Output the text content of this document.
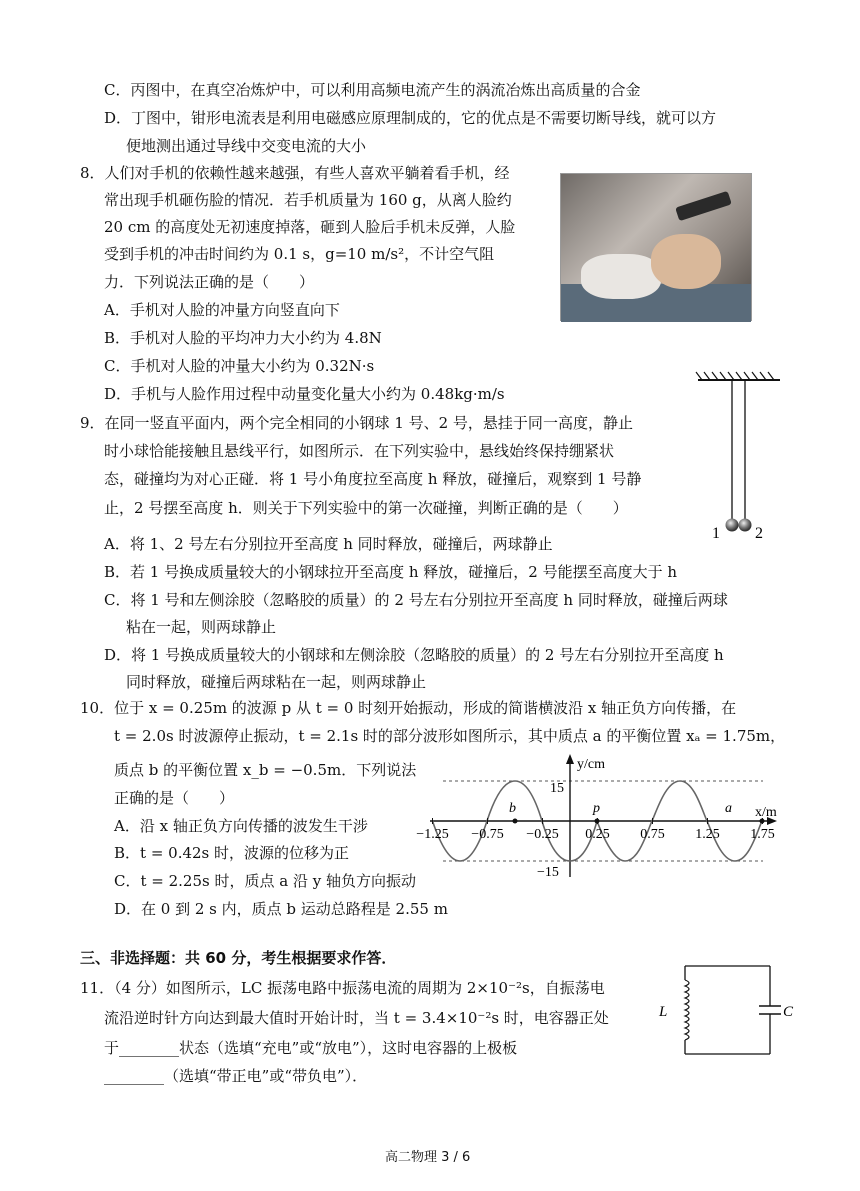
C．丙图中，在真空冶炼炉中，可以利用高频电流产生的涡流冶炼出高质量的合金
D．丁图中，钳形电流表是利用电磁感应原理制成的，它的优点是不需要切断导线，就可以方
便地测出通过导线中交变电流的大小
8．人们对手机的依赖性越来越强，有些人喜欢平躺着看手机，经
常出现手机砸伤脸的情况．若手机质量为 160 g，从离人脸约
20 cm 的高度处无初速度掉落，砸到人脸后手机未反弹，人脸
受到手机的冲击时间约为 0.1 s，g=10 m/s²，不计空气阻
力．下列说法正确的是（　　）
A．手机对人脸的冲量方向竖直向下
B．手机对人脸的平均冲力大小约为 4.8N
C．手机对人脸的冲量大小约为 0.32N·s
D．手机与人脸作用过程中动量变化量大小约为 0.48kg·m/s
9．在同一竖直平面内，两个完全相同的小钢球 1 号、2 号，悬挂于同一高度，静止
时小球恰能接触且悬线平行，如图所示．在下列实验中，悬线始终保持绷紧状
态，碰撞均为对心正碰．将 1 号小角度拉至高度 h 释放，碰撞后，观察到 1 号静
止，2 号摆至高度 h．则关于下列实验中的第一次碰撞，判断正确的是（　　）
A．将 1、2 号左右分别拉开至高度 h 同时释放，碰撞后，两球静止
B．若 1 号换成质量较大的小钢球拉开至高度 h 释放，碰撞后，2 号能摆至高度大于 h
C．将 1 号和左侧涂胶（忽略胶的质量）的 2 号左右分别拉开至高度 h 同时释放，碰撞后两球
粘在一起，则两球静止
D．将 1 号换成质量较大的小钢球和左侧涂胶（忽略胶的质量）的 2 号左右分别拉开至高度 h
同时释放，碰撞后两球粘在一起，则两球静止
1 2
10．位于 x = 0.25m 的波源 p 从 t = 0 时刻开始振动，形成的简谐横波沿 x 轴正负方向传播，在
t = 2.0s 时波源停止振动，t = 2.1s 时的部分波形如图所示，其中质点 a 的平衡位置 xₐ = 1.75m，
质点 b 的平衡位置 x_b = −0.5m．下列说法
正确的是（　　）
A．沿 x 轴正负方向传播的波发生干涉
B．t = 0.42s 时，波源的位移为正
C．t = 2.25s 时，质点 a 沿 y 轴负方向振动
D．在 0 到 2 s 内，质点 b 运动总路程是 2.55 m
b	p	a
y/cm
x/m
15
−15
−1.25 −0.75 −0.25 0.25 0.75 1.25 1.75
三、非选择题：共 60 分，考生根据要求作答．
11．（4 分）如图所示，LC 振荡电路中振荡电流的周期为 2×10⁻²s，自振荡电
流沿逆时针方向达到最大值时开始计时，当 t = 3.4×10⁻²s 时，电容器正处
于________状态（选填“充电”或“放电”），这时电容器的上极板
________（选填“带正电”或“带负电”）．
L	C
高二物理 3 / 6
